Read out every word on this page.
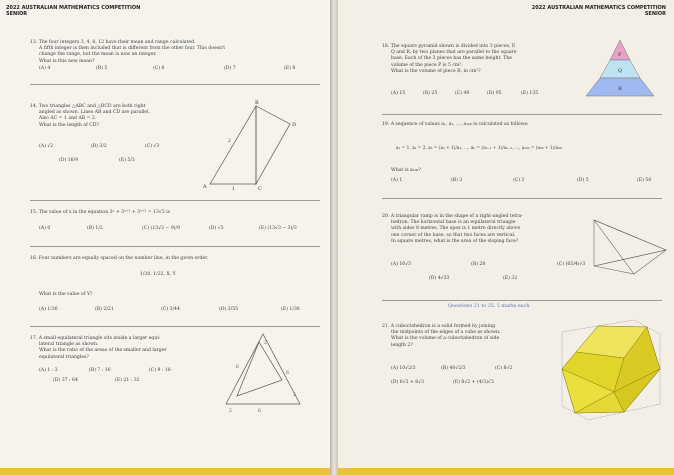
2022 AUSTRALIAN MATHEMATICS COMPETITION
SENIOR

13. The four integers 3, 4, 8, 12 have their mean and range calculated.

A fifth integer is then included that is different from the other four. This doesn't

change the range, but the mean is now an integer.

What is this new mean?

(A) 4	(B) 5	(C) 6	(D) 7	(E) 8

14. Two triangles △ABC and △BCD are both right

angled as shown. Lines AB and CD are parallel.

Also AC = 1 and AB = 2.

What is the length of CD?

(A) √2	(B) 3/2	(C) √3
(D) 16/9	(E) 5/3
B
D
A	C
1
2

15. The value of x in the equation 3ˣ + 3ˣ⁺¹ + 3ˣ⁺² = 13√3 is

(A) 0	(B) 1/2	(C) (13√3 − 9)/9	(D) √3	(E) (13√3 − 3)/3

16. Four numbers are equally spaced on the number line, in the given order.

1/20, 1/22, X, Y
What is the value of Y?
(A) 1/26	(B) 2/21	(C) 3/44	(D) 2/55	(E) 1/36

17. A small equilateral triangle sits inside a larger equi-

lateral triangle as shown.

What is the ratio of the areas of the smaller and larger

equilateral triangles?

(A) 1 : 3	(B) 7 : 16	(C) 9 : 16
(D) 37 : 64	(E) 21 : 32
2
6
2
6
2
6
2022 AUSTRALIAN MATHEMATICS COMPETITION
SENIOR

18. The square pyramid shown is divided into 3 pieces, P,

Q and R, by two planes that are parallel to the square

base. Each of the 3 pieces has the same height. The

volume of the piece P is 5 cm³.

What is the volume of piece R, in cm³?

(A) 15	(B) 25	(C) 40	(D) 95	(E) 135
P
Q
R

19. A sequence of values a₁, a₂, ..., a₁₀₀ is calculated as follows:

a₁ = 1, a₂ = 2, a₃ = (a₂ + 1)/a₁, ..., aₙ = (aₙ₋₁ + 1)/aₙ₋₂, ..., a₁₀₀ = (a₉₉ + 1)/a₉₈
What is a₁₀₀?
(A) 1	(B) 2	(C) 3	(D) 5	(E) 50

20. A triangular ramp is in the shape of a right-angled tetra-

hedron. The horizontal base is an equilateral triangle

with sides 8 metres. The apex is 1 metre directly above

one corner of the base, so that two faces are vertical.

In square metres, what is the area of the sloping face?

(A) 16√3	(B) 28	(C) (65/4)√3
(D) 4√33	(E) 32
Questions 21 to 25, 5 marks each

21. A cuboctahedron is a solid formed by joining

the midpoints of the edges of a cube as shown.

What is the volume of a cuboctahedron of side

length 2?

(A) 10√2/3	(B) 40√2/3	(C) 8√2
(D) 6√2 + 8√3	(E) 8√2 + (4/3)√3
